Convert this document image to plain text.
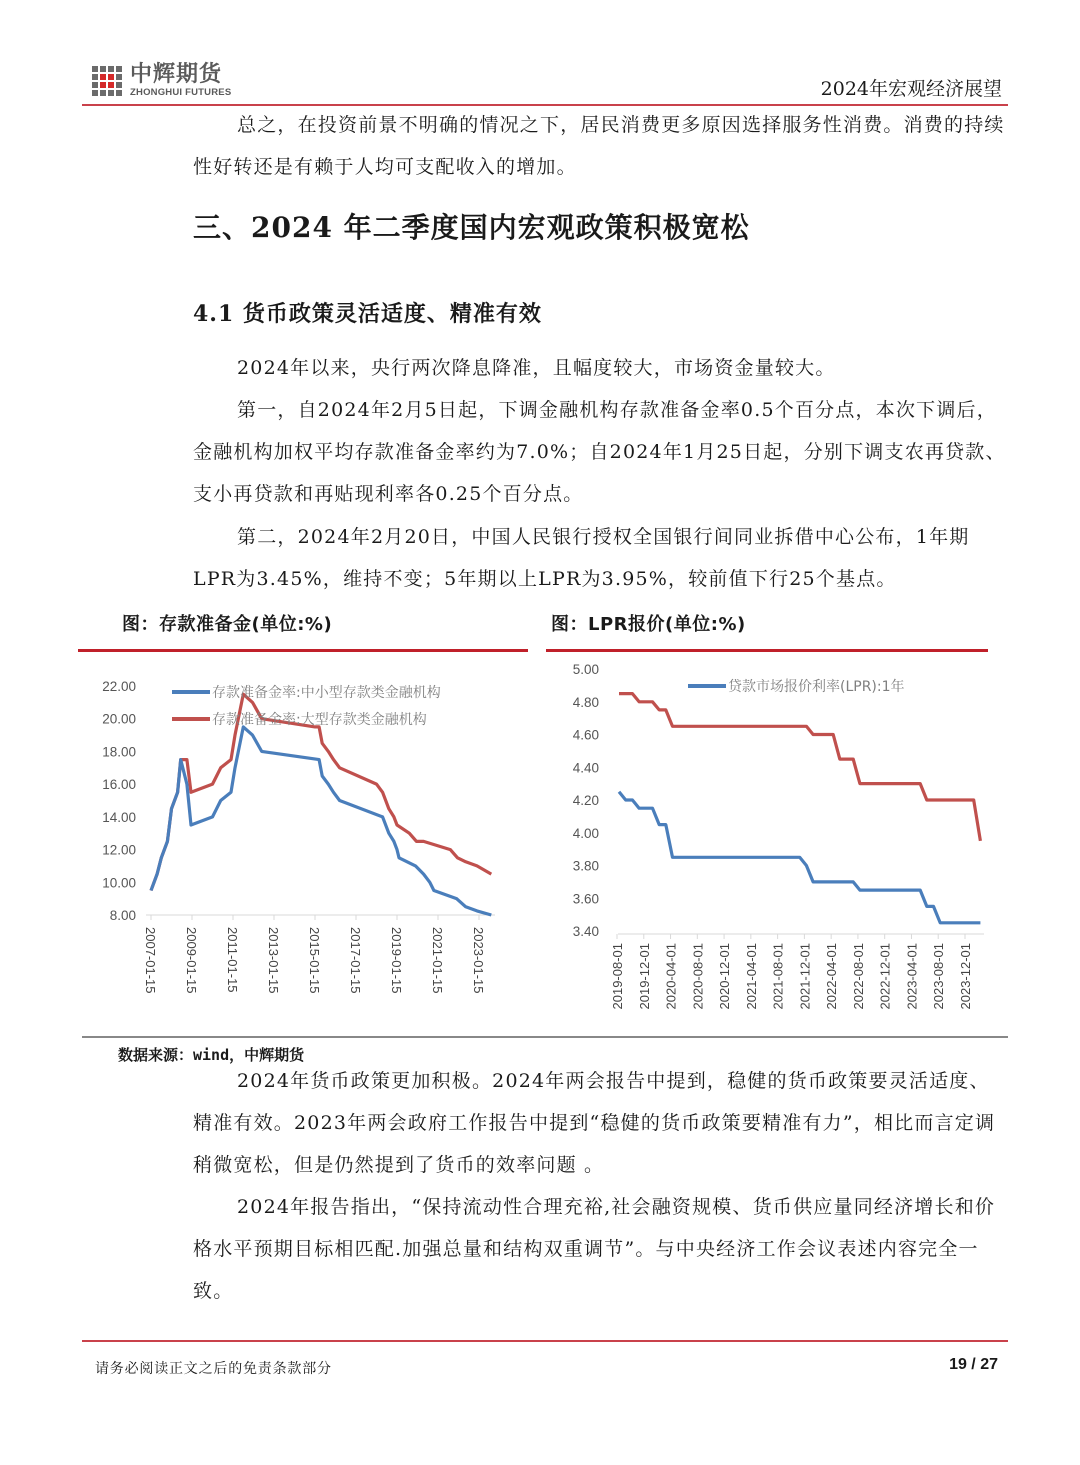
中辉期货
ZHONGHUI FUTURES	2024年宏观经济展望

总之，在投资前景不明确的情况之下，居民消费更多原因选择服务性消费。消费的持续性好转还是有赖于人均可支配收入的增加。

三、2024 年二季度国内宏观政策积极宽松
4.1 货币政策灵活适度、精准有效

2024年以来，央行两次降息降准，且幅度较大，市场资金量较大。

第一，自2024年2月5日起，下调金融机构存款准备金率0.5个百分点，本次下调后，金融机构加权平均存款准备金率约为7.0%；自2024年1月25日起，分别下调支农再贷款、支小再贷款和再贴现利率各0.25个百分点。

第二，2024年2月20日，中国人民银行授权全国银行间同业拆借中心公布，1年期LPR为3.45%，维持不变；5年期以上LPR为3.95%，较前值下行25个基点。

图：存款准备金(单位:%)	图：LPR报价(单位:%)
22.00
20.00
18.00
16.00
14.00
12.00
10.00
8.00
2007-01-15 2009-01-15 2011-01-15 2013-01-15 2015-01-15 2017-01-15 2019-01-15 2021-01-15 2023-01-15
存款准备金率:中小型存款类金融机构
存款准备金率:大型存款类金融机构
5.00
4.80
4.60
4.40
4.20
4.00
3.80
3.60
3.40
2019-08-01 2019-12-01 2020-04-01 2020-08-01 2020-12-01 2021-04-01 2021-08-01 2021-12-01 2022-04-01 2022-08-01 2022-12-01 2023-04-01 2023-08-01 2023-12-01
贷款市场报价利率(LPR):1年
数据来源：wind，中辉期货

2024年货币政策更加积极。2024年两会报告中提到，稳健的货币政策要灵活适度、精准有效。2023年两会政府工作报告中提到“稳健的货币政策要精准有力”，相比而言定调稍微宽松，但是仍然提到了货币的效率问题 。

2024年报告指出，“保持流动性合理充裕,社会融资规模、货币供应量同经济增长和价格水平预期目标相匹配.加强总量和结构双重调节”。与中央经济工作会议表述内容完全一致。

请务必阅读正文之后的免责条款部分	19 / 27
